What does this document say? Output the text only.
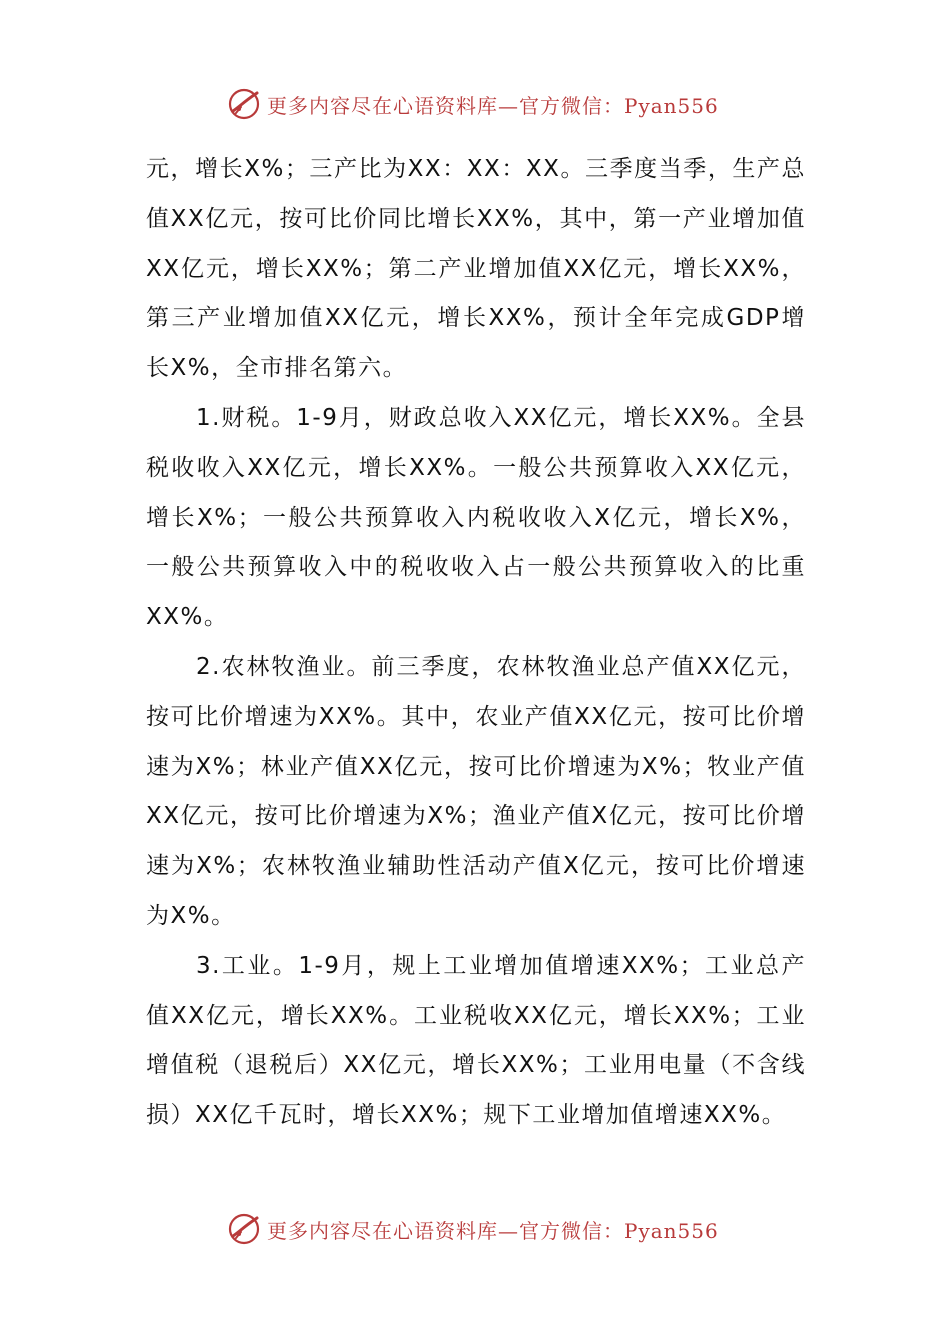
更多内容尽在心语资料库—官方微信：Pyan556

元，增长X%；三产比为XX：XX：XX。三季度当季，生产总值XX亿元，按可比价同比增长XX%，其中，第一产业增加值XX亿元，增长XX%；第二产业增加值XX亿元，增长XX%，第三产业增加值XX亿元，增长XX%，预计全年完成GDP增长X%，全市排名第六。

1.财税。1-9月，财政总收入XX亿元，增长XX%。全县税收收入XX亿元，增长XX%。一般公共预算收入XX亿元，增长X%；一般公共预算收入内税收收入X亿元，增长X%，一般公共预算收入中的税收收入占一般公共预算收入的比重XX%。

2.农林牧渔业。前三季度，农林牧渔业总产值XX亿元，按可比价增速为XX%。其中，农业产值XX亿元，按可比价增速为X%；林业产值XX亿元，按可比价增速为X%；牧业产值XX亿元，按可比价增速为X%；渔业产值X亿元，按可比价增速为X%；农林牧渔业辅助性活动产值X亿元，按可比价增速为X%。

3.工业。1-9月，规上工业增加值增速XX%；工业总产值XX亿元，增长XX%。工业税收XX亿元，增长XX%；工业增值税（退税后）XX亿元，增长XX%；工业用电量（不含线损）XX亿千瓦时，增长XX%；规下工业增加值增速XX%。

更多内容尽在心语资料库—官方微信：Pyan556
